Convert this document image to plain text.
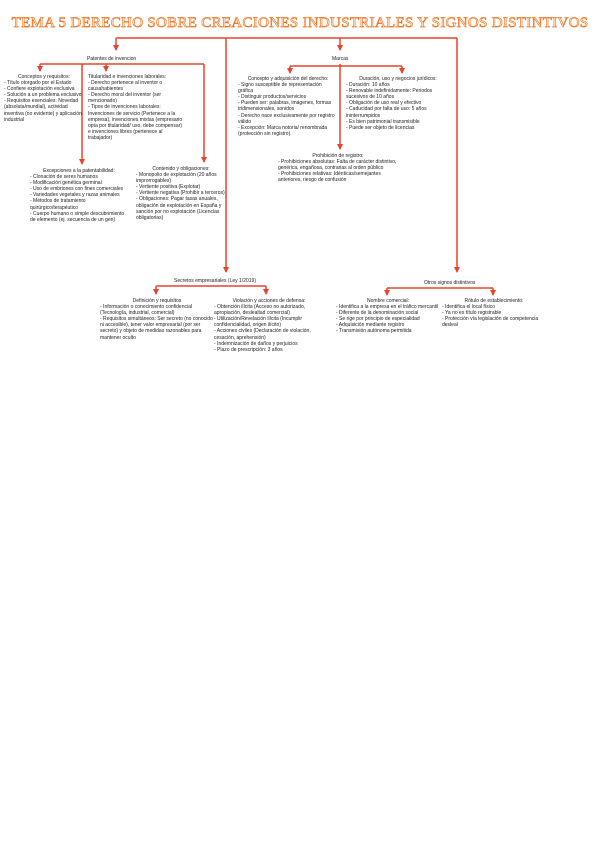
TEMA 5 DERECHO SOBRE CREACIONES INDUSTRIALES Y SIGNOS DISTINTIVOS
Patentes de invencion	Marcas
Secretos empresariales (Ley 1/2019)	Otros signos distintivos
Conceptos y requisitos:
- Título otorgado por el Estado
- Confiere explotación exclusiva
- Solución a un problema exclusivo
- Requisitos esenciales: Novedad (absoluta/mundial), actividad inventiva (no evidente) y aplicación industrial
Titularidad e invenciones laborales:
- Derecho pertenece al inventor o causahabientes
- Derecho moral del inventor (ser mencionado)
- Tipos de invenciones laborales: Invenciones de servicio (Pertenece a la empresa), invenciones mixtas (empresario opta por titularidad/ uso, debe compensar) e invenciones libres (pertenece al trabajador)
Excepciones a la patentabilidad:
- Clonación de seres humanos
- Modificación genética germinal
- Uso de embriones con fines comerciales
- Variedades vegetales y razas animales
- Métodos de tratamiento quirúrgico/terapéutico
- Cuerpo humano o simple descubrimiento de elemento (ej. secuencia de un gen)
Contenido y obligaciones:
- Monopolio de explotación (20 años improrrogables)
- Vertiente positiva (Explotar)
- Vertiente negativa (Prohibir a terceros)
- Obligaciones: Pagar tasas anuales, obligación de explotación en España y sanción por no explotación (Licencias obligatorias)
Concepto y adquisición del derecho:
- Signo susceptible de representación gráfica
- Distinguir productos/servicios
- Pueden ser: palabras, imágenes, formas tridimensionales, sonidos
- Derecho nace exclusivamente por registro válido
- Excepción: Marca notoria/ renombrada (protección sin registro).
Duración, uso y negocios jurídicos:
- Duración: 10 años
- Renovable indefinidamente: Periodos sucesivos de 10 años
- Obligación de uso real y efectivo
- Caducidad por falta de uso: 5 años ininterrumpidos
- Es bien patrimonial transmisible
- Puede ser objeto de licencias
Prohibición de registro:
- Prohibiciones absolutas: Falta de carácter distintivo, genérica, engañosa, contrarias al orden público
- Prohibiciones relativas: Idénticas/semejantes anteriores, riesgo de confusión
Definición y requisitos
- Información o conocimiento confidencial (Tecnología, industrial, comercial)
- Requisitos simultáneos: Ser secreto (no conocido ni accesible), tener valor empresarial (por ser secreto) y objeto de medidas razonables para mantener oculto
Violación y acciones de defensa:
- Obtención ilícita (Acceso no autorizado, apropiación, deslealtad comercial)
- Utilización/Revelación ilícita (Incumplir confidencialidad, origen ilícito)
- Acciones civiles (Declaración de violación, cesación, aprehensión)
- Indemnización de daños y perjuicios
- Plazo de prescripción: 3 años
Nombre comercial:
- Identifica a la empresa en el tráfico mercantil
- Diferente de la denominación social
- Se rige por principio de especialidad
- Adquisición mediante registro
- Transmisión autónoma permitida
Rótulo de establecimiento:
- Identifica el local físico
- Ya no es título registrable
- Protección vía legislación de competencia desleal
